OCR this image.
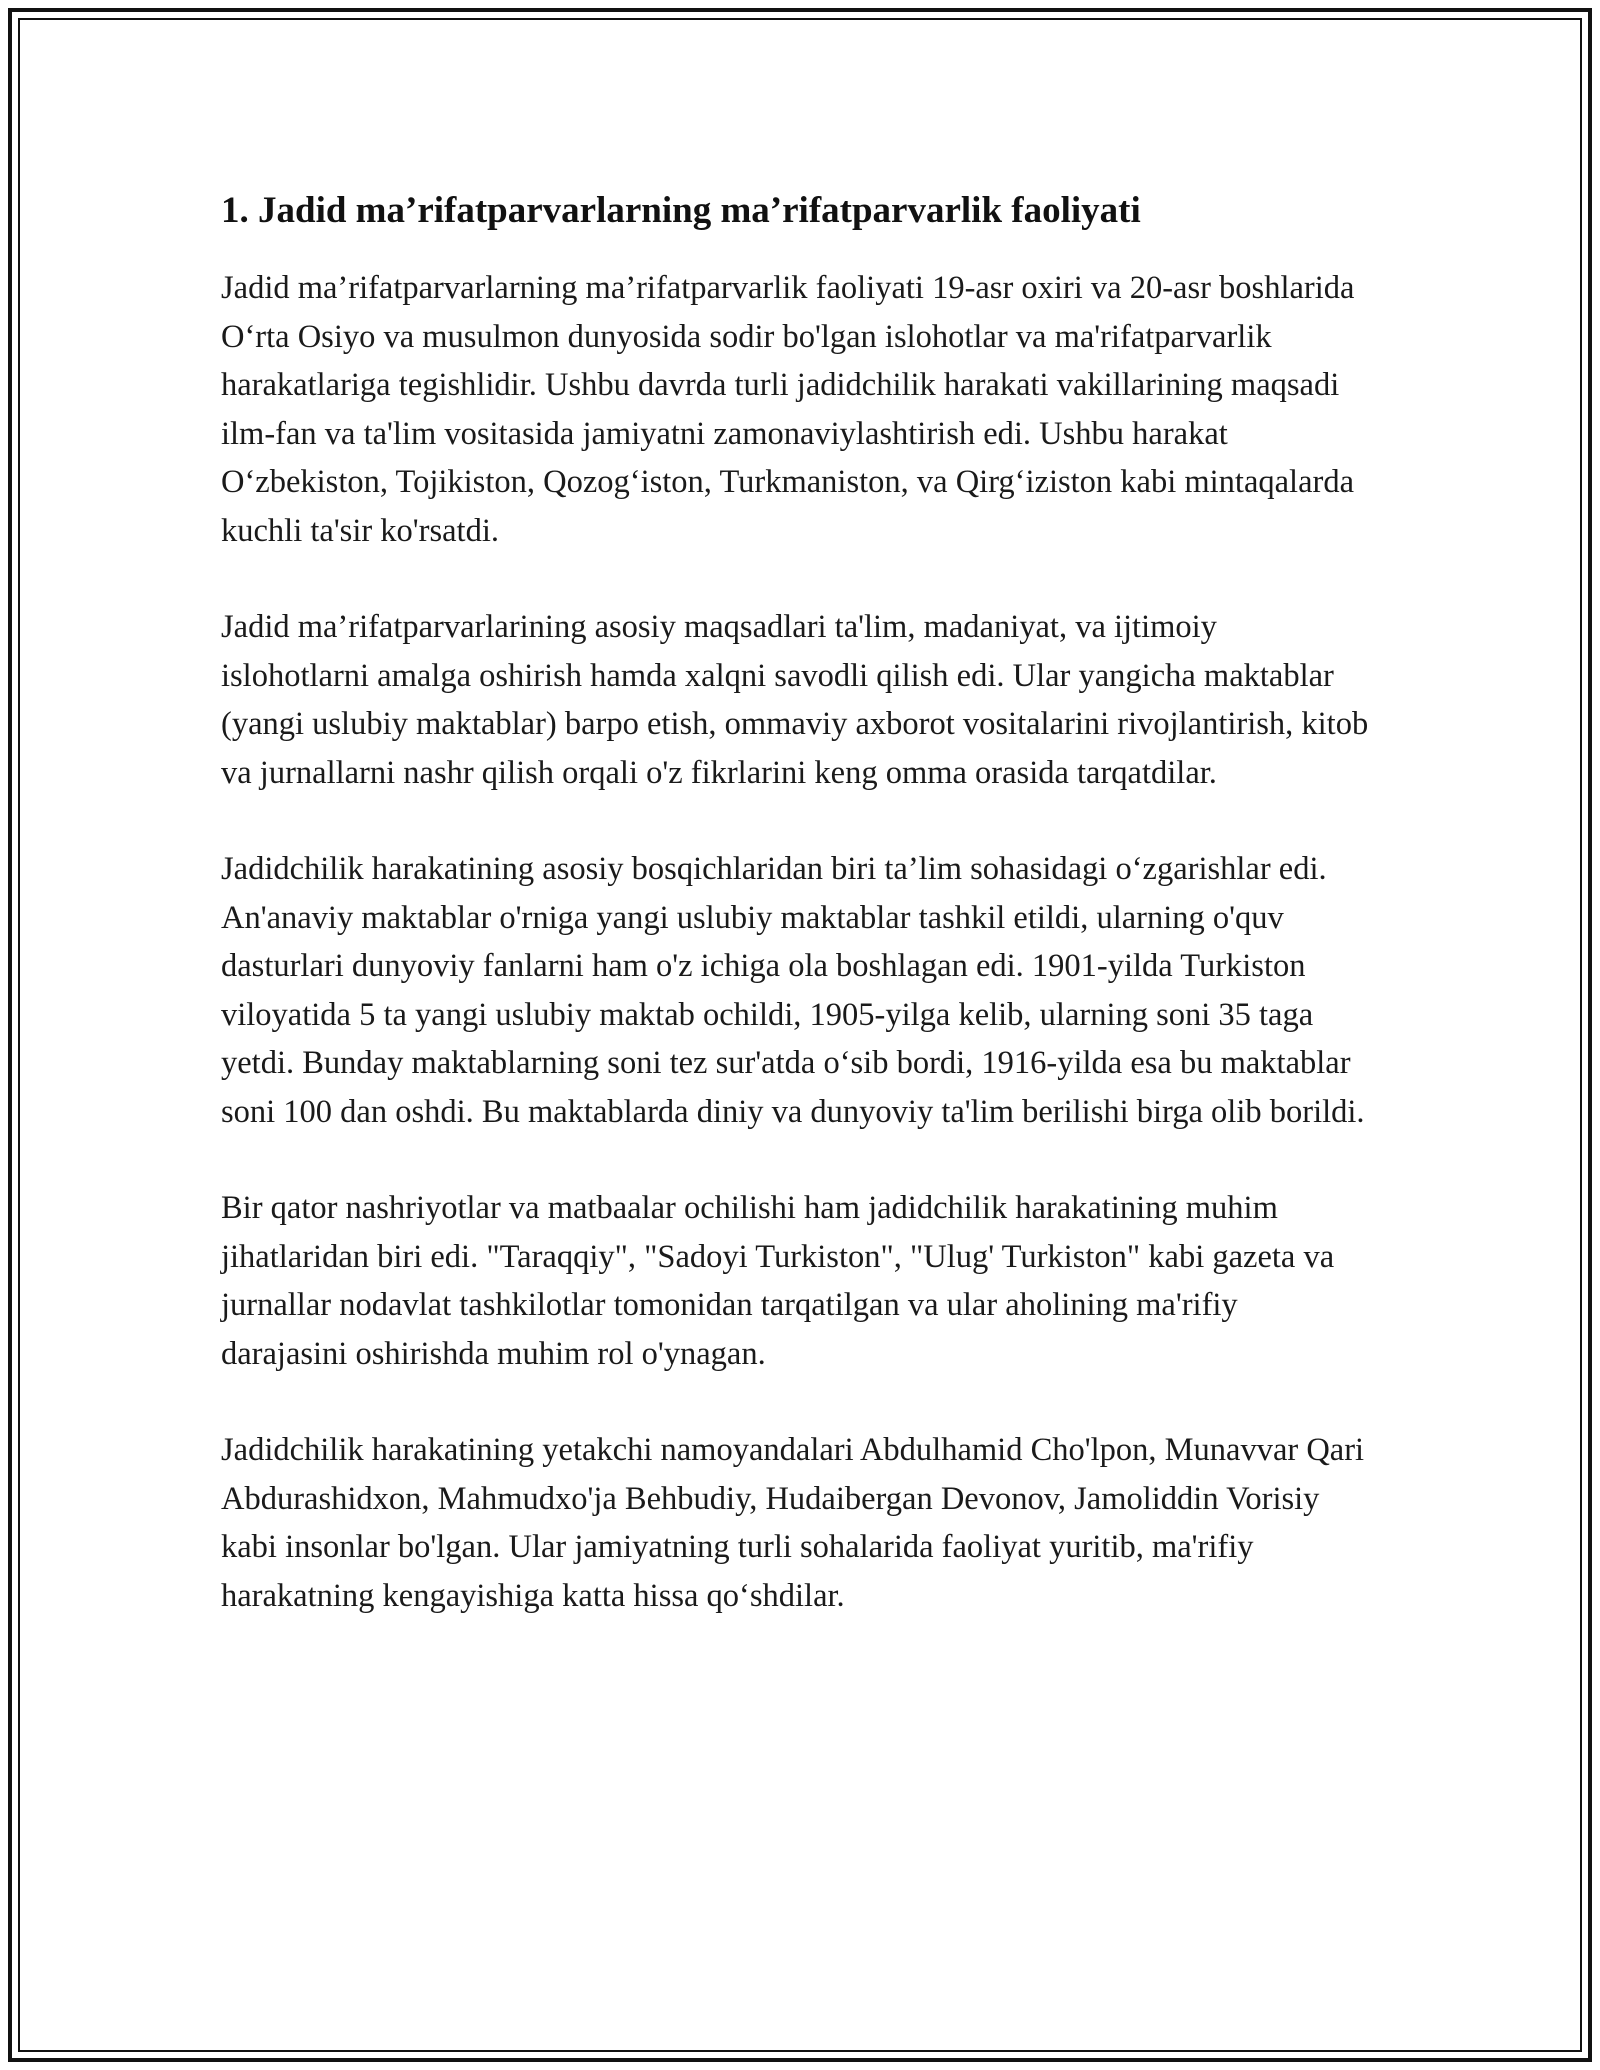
1. Jadid ma’rifatparvarlarning ma’rifatparvarlik faoliyati

Jadid ma’rifatparvarlarning ma’rifatparvarlik faoliyati 19-asr oxiri va 20-asr boshlarida O‘rta Osiyo va musulmon dunyosida sodir bo'lgan islohotlar va ma'rifatparvarlik harakatlariga tegishlidir. Ushbu davrda turli jadidchilik harakati vakillarining maqsadi ilm-fan va ta'lim vositasida jamiyatni zamonaviylashtirish edi. Ushbu harakat O‘zbekiston, Tojikiston, Qozog‘iston, Turkmaniston, va Qirg‘iziston kabi mintaqalarda kuchli ta'sir ko'rsatdi.

Jadid ma’rifatparvarlarining asosiy maqsadlari ta'lim, madaniyat, va ijtimoiy islohotlarni amalga oshirish hamda xalqni savodli qilish edi. Ular yangicha maktablar (yangi uslubiy maktablar) barpo etish, ommaviy axborot vositalarini rivojlantirish, kitob va jurnallarni nashr qilish orqali o'z fikrlarini keng omma orasida tarqatdilar.

Jadidchilik harakatining asosiy bosqichlaridan biri ta’lim sohasidagi o‘zgarishlar edi. An'anaviy maktablar o'rniga yangi uslubiy maktablar tashkil etildi, ularning o'quv dasturlari dunyoviy fanlarni ham o'z ichiga ola boshlagan edi. 1901-yilda Turkiston viloyatida 5 ta yangi uslubiy maktab ochildi, 1905-yilga kelib, ularning soni 35 taga yetdi. Bunday maktablarning soni tez sur'atda o‘sib bordi, 1916-yilda esa bu maktablar soni 100 dan oshdi. Bu maktablarda diniy va dunyoviy ta'lim berilishi birga olib borildi.

Bir qator nashriyotlar va matbaalar ochilishi ham jadidchilik harakatining muhim jihatlaridan biri edi. "Taraqqiy", "Sadoyi Turkiston", "Ulug' Turkiston" kabi gazeta va jurnallar nodavlat tashkilotlar tomonidan tarqatilgan va ular aholining ma'rifiy darajasini oshirishda muhim rol o'ynagan.

Jadidchilik harakatining yetakchi namoyandalari Abdulhamid Cho'lpon, Munavvar Qari Abdurashidxon, Mahmudxo'ja Behbudiy, Hudaibergan Devonov, Jamoliddin Vorisiy kabi insonlar bo'lgan. Ular jamiyatning turli sohalarida faoliyat yuritib, ma'rifiy harakatning kengayishiga katta hissa qo‘shdilar.
